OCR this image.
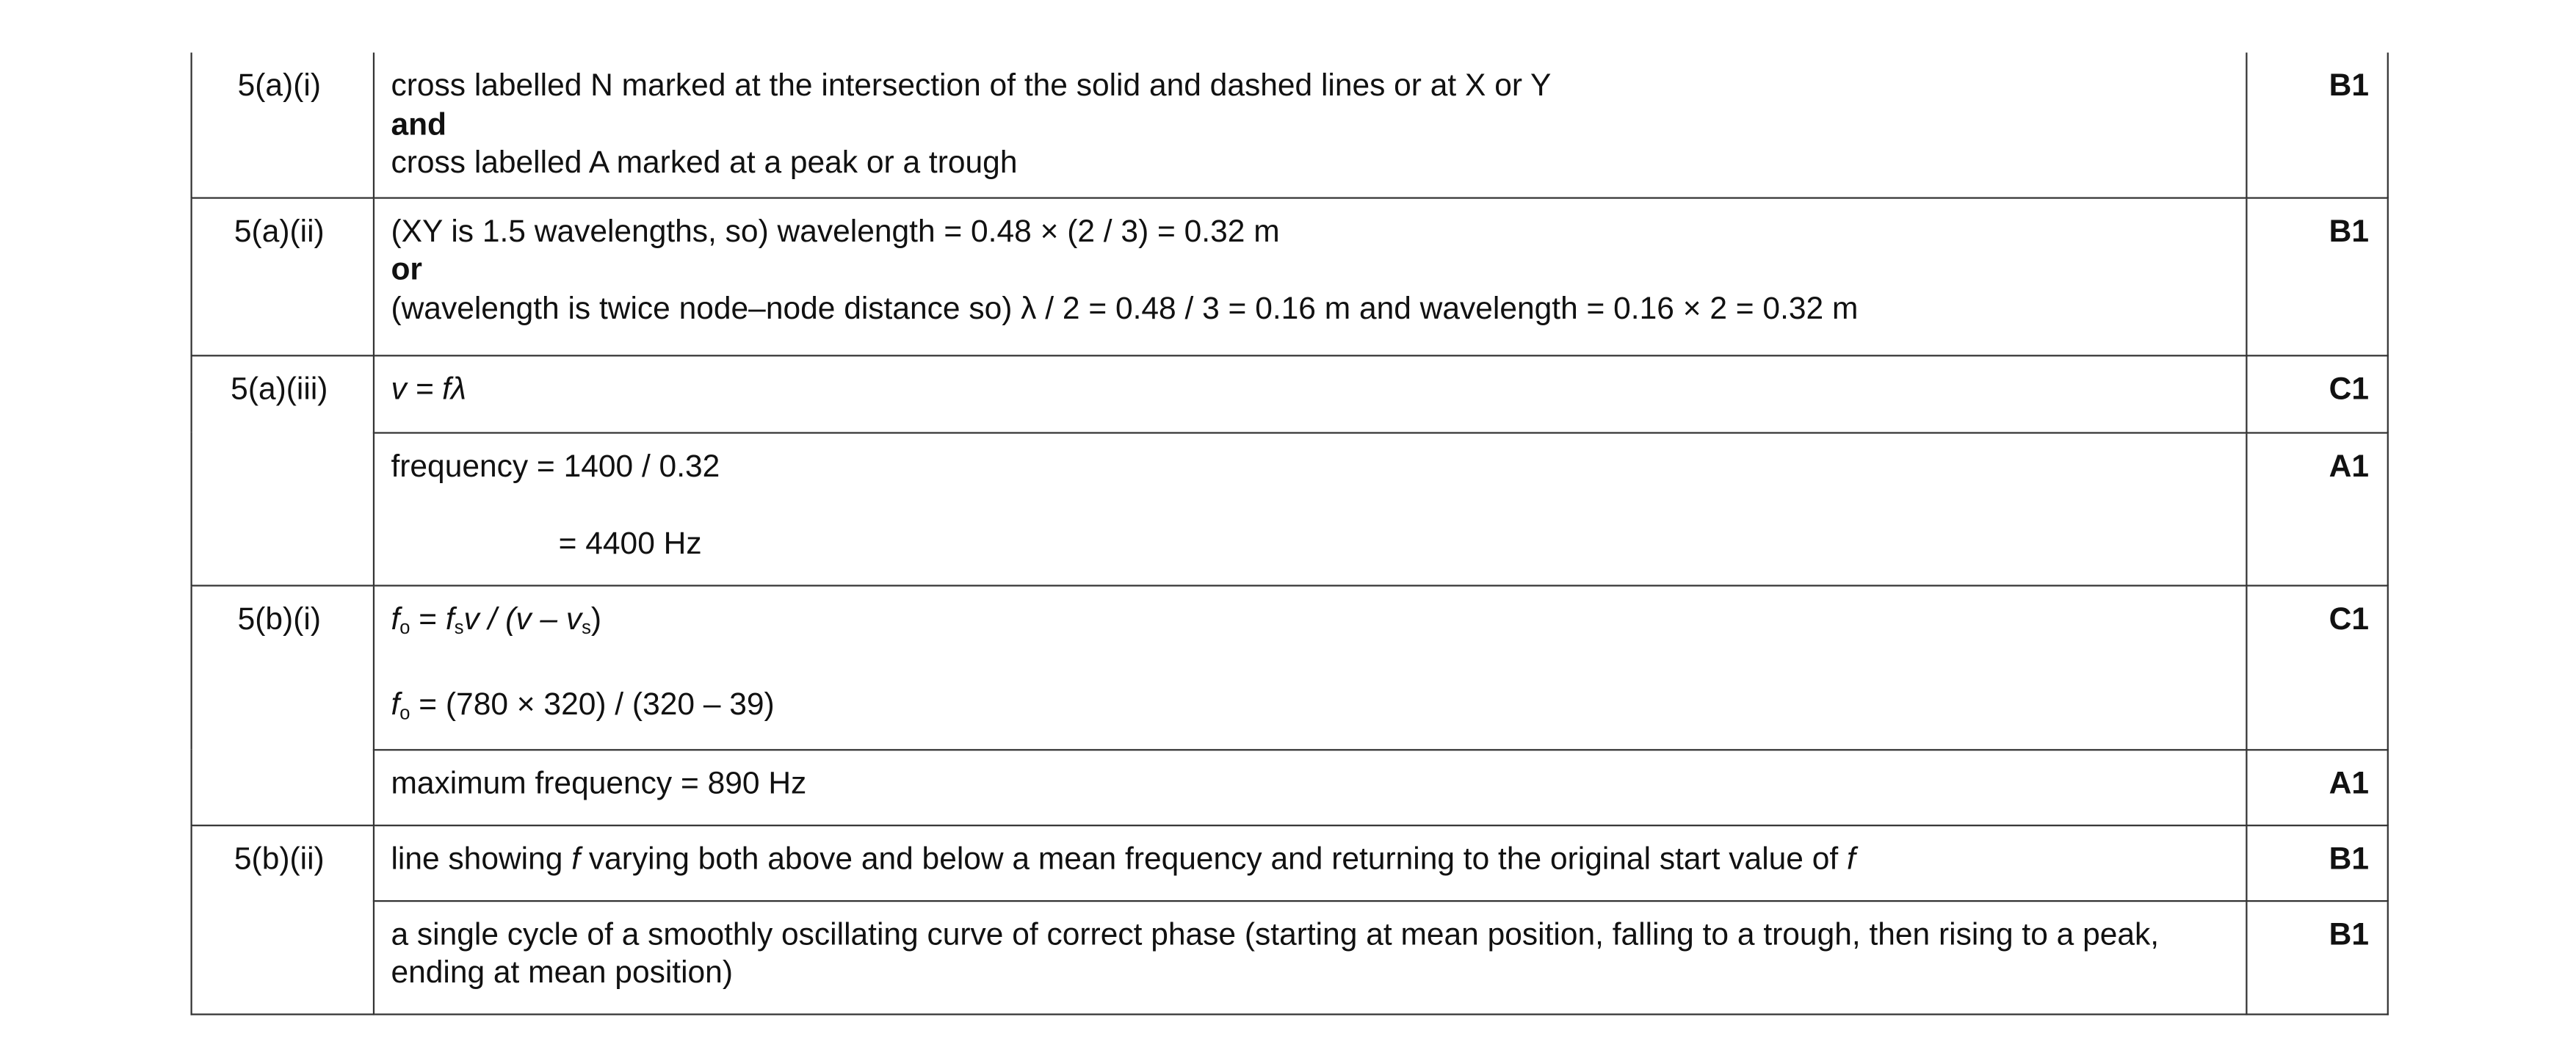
5(a)(i)	cross labelled N marked at the intersection of the solid and dashed lines or at X or Y
and
cross labelled A marked at a peak or a trough	B1
5(a)(ii)	(XY is 1.5 wavelengths, so) wavelength = 0.48 × (2 / 3) = 0.32 m
or
(wavelength is twice node–node distance so) λ / 2 = 0.48 / 3 = 0.16 m and wavelength = 0.16 × 2 = 0.32 m	B1
5(a)(iii)	v = fλ	C1

	frequency = 1400 / 0.32
= 4400 Hz	A1
5(b)(i)	$f_o = f_sv / (v - v_s)$
$f_o = (780 \times 320) / (320 - 39)$	C1

	maximum frequency = 890 Hz	A1
5(b)(ii)	line showing f varying both above and below a mean frequency and returning to the original start value of f	B1

	a single cycle of a smoothly oscillating curve of correct phase (starting at mean position, falling to a trough, then rising to a peak, ending at mean position)	B1
